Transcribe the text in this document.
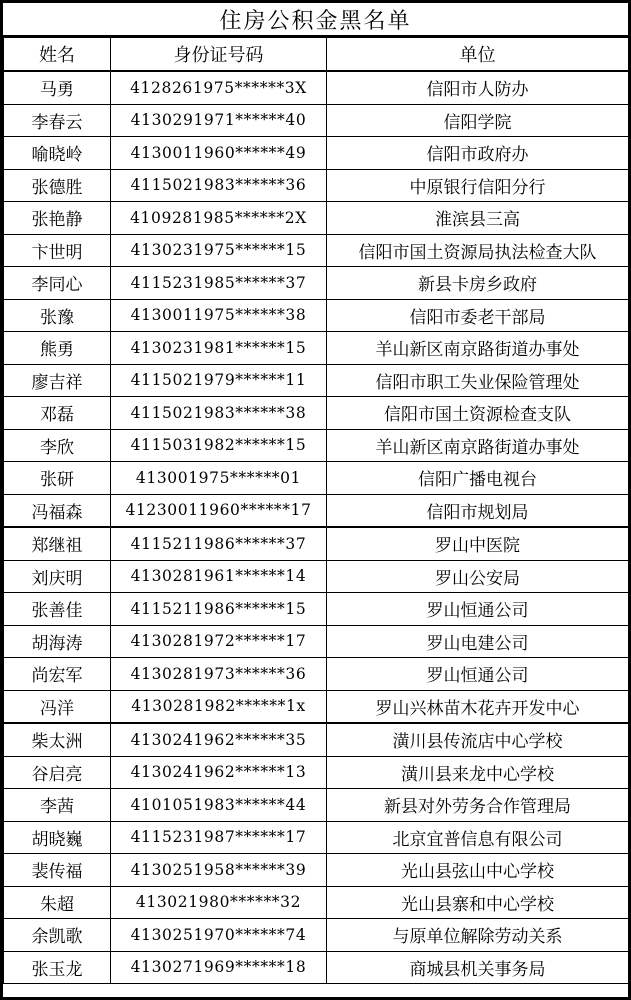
住房公积金黑名单
姓名	身份证号码	单位
马勇	4128261975******3X	信阳市人防办
李春云	4130291971******40	信阳学院
喻晓岭	4130011960******49	信阳市政府办
张德胜	4115021983******36	中原银行信阳分行
张艳静	4109281985******2X	淮滨县三高
卞世明	4130231975******15	信阳市国土资源局执法检查大队
李同心	4115231985******37	新县卡房乡政府
张豫	4130011975******38	信阳市委老干部局
熊勇	4130231981******15	羊山新区南京路街道办事处
廖吉祥	4115021979******11	信阳市职工失业保险管理处
邓磊	4115021983******38	信阳市国土资源检查支队
李欣	4115031982******15	羊山新区南京路街道办事处
张研	413001975******01	信阳广播电视台
冯福森	41230011960******17	信阳市规划局
郑继祖	4115211986******37	罗山中医院
刘庆明	4130281961******14	罗山公安局
张善佳	4115211986******15	罗山恒通公司
胡海涛	4130281972******17	罗山电建公司
尚宏军	4130281973******36	罗山恒通公司
冯洋	4130281982******1x	罗山兴林苗木花卉开发中心
柴太洲	4130241962******35	潢川县传流店中心学校
谷启亮	4130241962******13	潢川县来龙中心学校
李茜	4101051983******44	新县对外劳务合作管理局
胡晓巍	4115231987******17	北京宜普信息有限公司
裴传福	4130251958******39	光山县弦山中心学校
朱超	413021980******32	光山县寨和中心学校
余凯歌	4130251970******74	与原单位解除劳动关系
张玉龙	4130271969******18	商城县机关事务局
